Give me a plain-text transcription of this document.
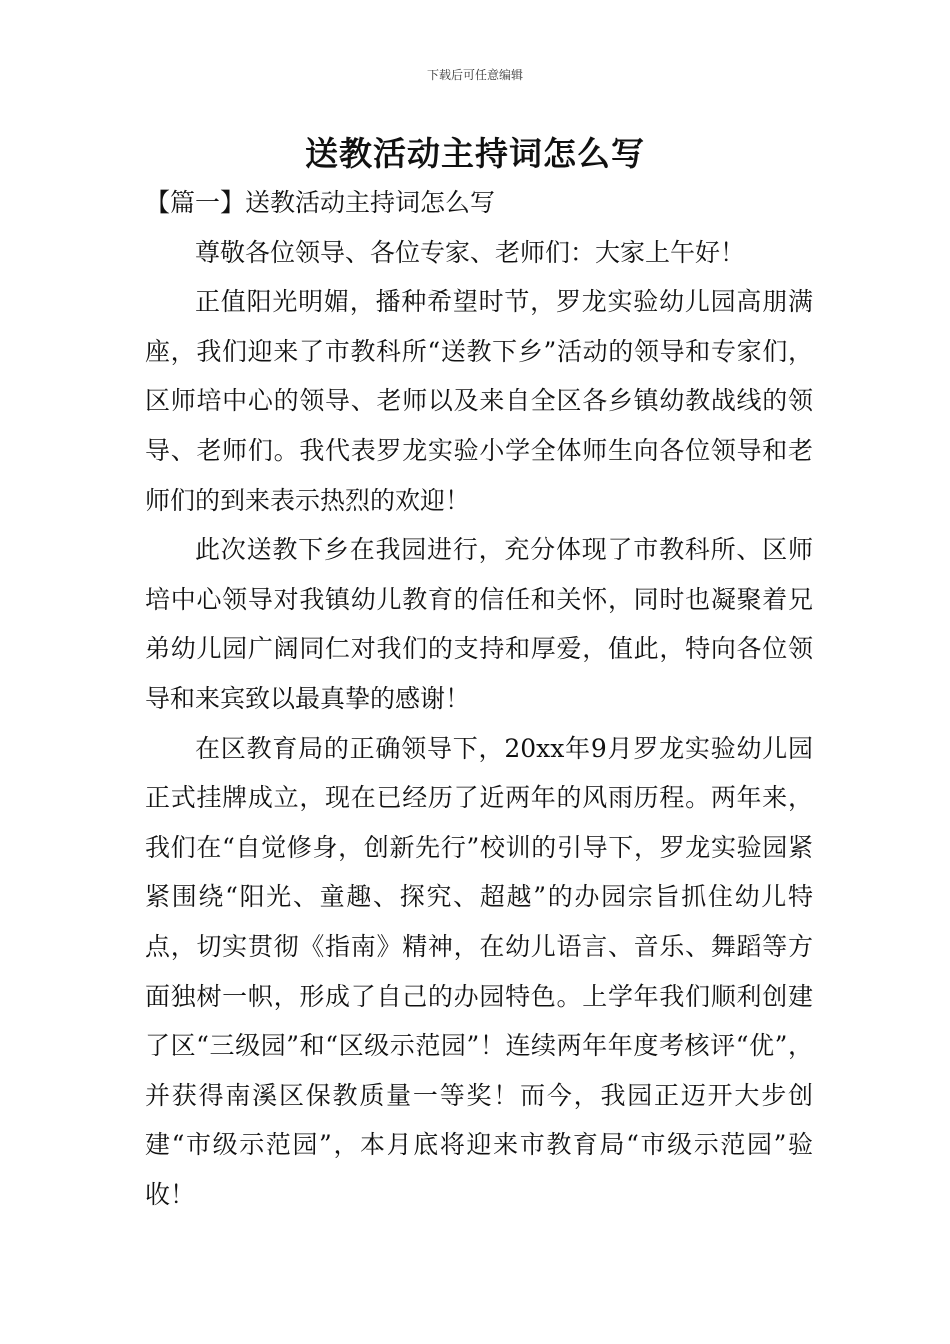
下载后可任意编辑
送教活动主持词怎么写
【篇一】送教活动主持词怎么写

尊敬各位领导、各位专家、老师们：大家上午好！

正值阳光明媚，播种希望时节，罗龙实验幼儿园高朋满座，我们迎来了市教科所“送教下乡”活动的领导和专家们，区师培中心的领导、老师以及来自全区各乡镇幼教战线的领导、老师们。我代表罗龙实验小学全体师生向各位领导和老师们的到来表示热烈的欢迎！

此次送教下乡在我园进行，充分体现了市教科所、区师培中心领导对我镇幼儿教育的信任和关怀，同时也凝聚着兄弟幼儿园广阔同仁对我们的支持和厚爱，值此，特向各位领导和来宾致以最真挚的感谢！

在区教育局的正确领导下，20xx年9月罗龙实验幼儿园正式挂牌成立，现在已经历了近两年的风雨历程。两年来，我们在“自觉修身，创新先行”校训的引导下，罗龙实验园紧紧围绕“阳光、童趣、探究、超越”的办园宗旨抓住幼儿特点，切实贯彻《指南》精神，在幼儿语言、音乐、舞蹈等方面独树一帜，形成了自己的办园特色。上学年我们顺利创建了区“三级园”和“区级示范园”！连续两年年度考核评“优”，并获得南溪区保教质量一等奖！而今，我园正迈开大步创建“市级示范园”，本月底将迎来市教育局“市级示范园”验收！
